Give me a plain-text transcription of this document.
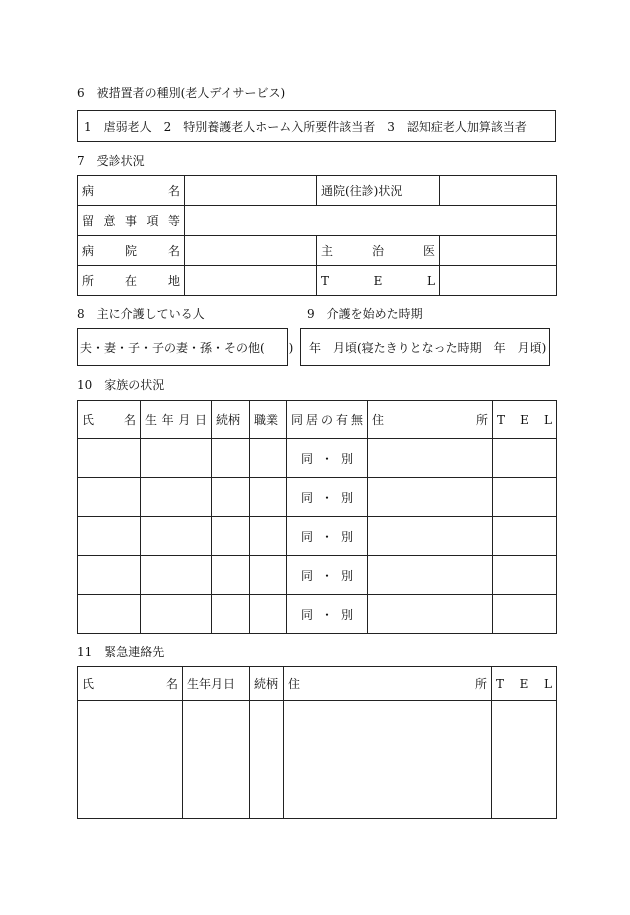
6　被措置者の種別(老人デイサービス)
1　虐弱老人　2　特別養護老人ホーム入所要件該当者　3　認知症老人加算該当者
7　受診状況
病 名		通院(往診)状況	

留 意 事 項 等			

病 院 名		主 治 医	

所 在 地		T E L	

8　主に介護している人	9　介護を始めた時期
夫・妻・子・子の妻・孫・その他(　　) 年　月頃(寝たきりとなった時期　年　月頃)
10　家族の状況
氏 名	生 年 月 日	続柄	職業	同 居 の 有 無	住 所	T E L

				同 ・ 別		

				同 ・ 別		

				同 ・ 別		

				同 ・ 別		

				同 ・ 別		

11　緊急連絡先
氏 名	生年月日	続柄	住 所	T E L
